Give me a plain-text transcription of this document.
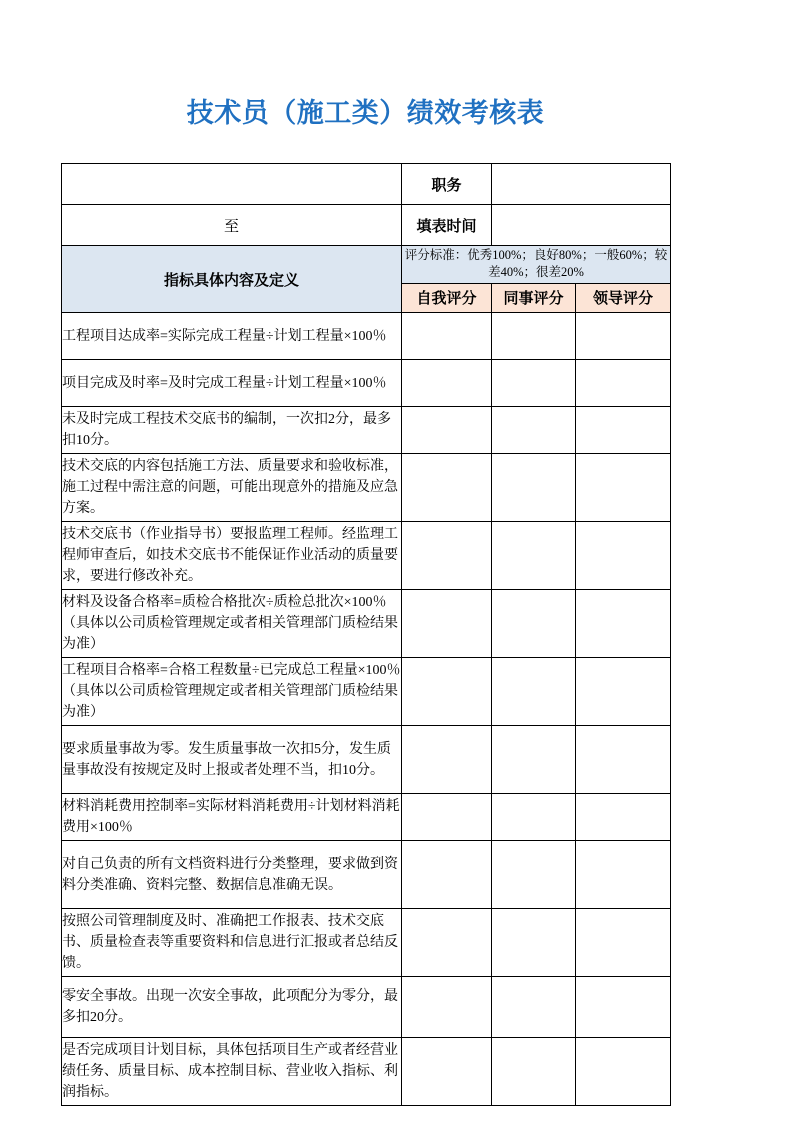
技术员（施工类）绩效考核表
	职务		
至	填表时间		
指标具体内容及定义	评分标准：优秀100%；良好80%；一般60%；较差40%；很差20%		
	自我评分	同事评分	领导评分
工程项目达成率=实际完成工程量÷计划工程量×100％			
项目完成及时率=及时完成工程量÷计划工程量×100％			
未及时完成工程技术交底书的编制，一次扣2分，最多扣10分。			
技术交底的内容包括施工方法、质量要求和验收标准，施工过程中需注意的问题，可能出现意外的措施及应急方案。			
技术交底书（作业指导书）要报监理工程师。经监理工程师审查后，如技术交底书不能保证作业活动的质量要求，要进行修改补充。			
材料及设备合格率=质检合格批次÷质检总批次×100％（具体以公司质检管理规定或者相关管理部门质检结果为准）			
工程项目合格率=合格工程数量÷已完成总工程量×100％（具体以公司质检管理规定或者相关管理部门质检结果为准）			
要求质量事故为零。发生质量事故一次扣5分，发生质量事故没有按规定及时上报或者处理不当，扣10分。			
材料消耗费用控制率=实际材料消耗费用÷计划材料消耗费用×100％			
对自己负责的所有文档资料进行分类整理，要求做到资料分类准确、资料完整、数据信息准确无误。			
按照公司管理制度及时、准确把工作报表、技术交底书、质量检查表等重要资料和信息进行汇报或者总结反馈。			
零安全事故。出现一次安全事故，此项配分为零分，最多扣20分。			
是否完成项目计划目标，具体包括项目生产或者经营业绩任务、质量目标、成本控制目标、营业收入指标、利润指标。			
